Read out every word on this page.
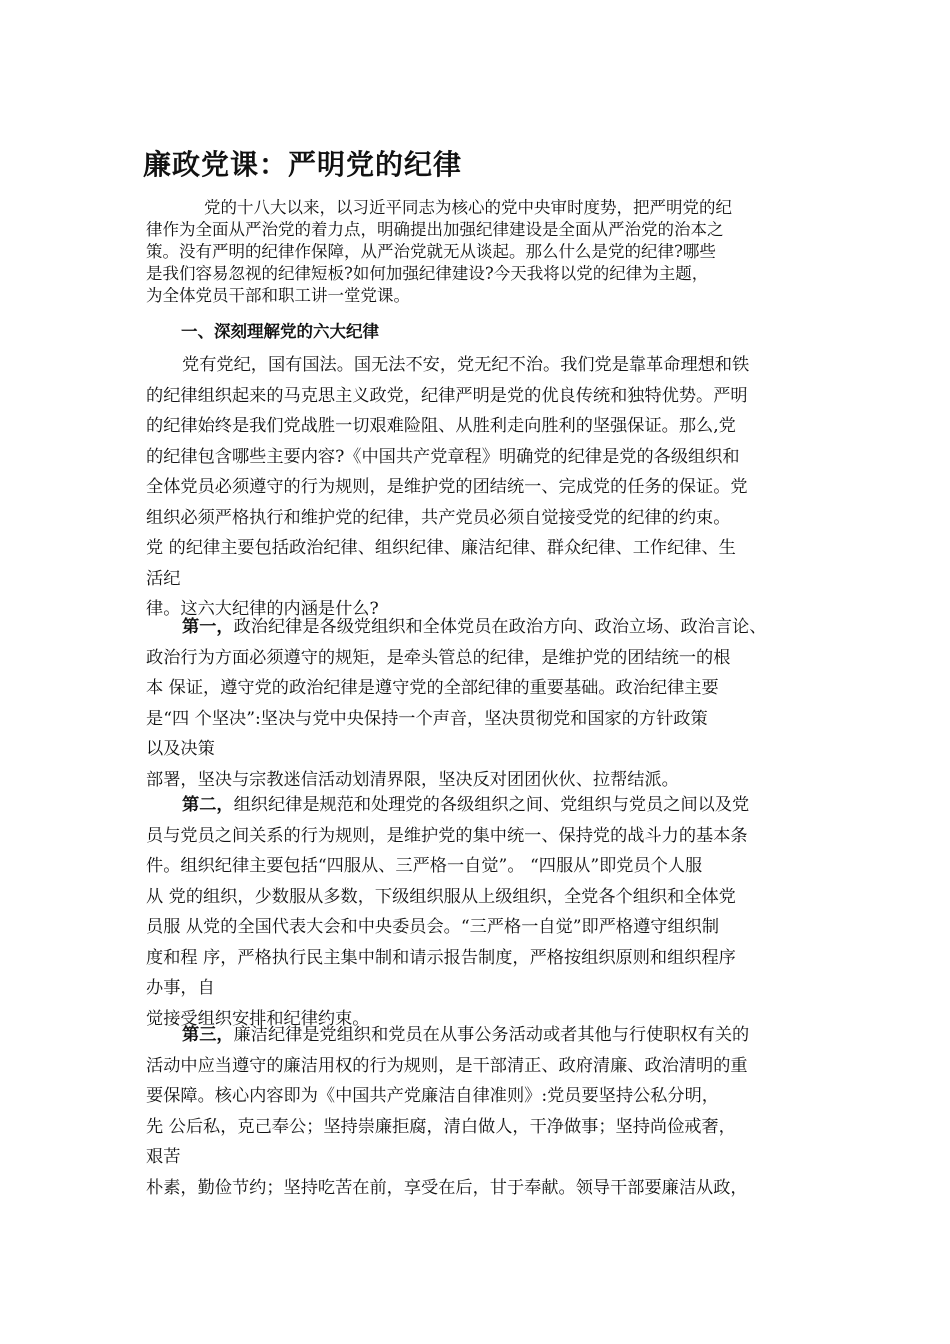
廉政党课：严明党的纪律
党的十八大以来，以习近平同志为核心的党中央审时度势，把严明党的纪
律作为全面从严治党的着力点，明确提出加强纪律建设是全面从严治党的治本之
策。没有严明的纪律作保障，从严治党就无从谈起。那么什么是党的纪律?哪些
是我们容易忽视的纪律短板?如何加强纪律建设?今天我将以党的纪律为主题，
为全体党员干部和职工讲一堂党课。
一、深刻理解党的六大纪律
党有党纪，国有国法。国无法不安，党无纪不治。我们党是靠革命理想和铁
的纪律组织起来的马克思主义政党，纪律严明是党的优良传统和独特优势。严明
的纪律始终是我们党战胜一切艰难险阻、从胜利走向胜利的坚强保证。那么,党
的纪律包含哪些主要内容?《中国共产党章程》明确党的纪律是党的各级组织和
全体党员必须遵守的行为规则，是维护党的团结统一、完成党的任务的保证。党
组织必须严格执行和维护党的纪律，共产党员必须自觉接受党的纪律的约束。
党 的纪律主要包括政治纪律、组织纪律、廉洁纪律、群众纪律、工作纪律、生
活纪
律。这六大纪律的内涵是什么?
第一，政治纪律是各级党组织和全体党员在政治方向、政治立场、政治言论、
政治行为方面必须遵守的规矩，是牵头管总的纪律，是维护党的团结统一的根
本 保证，遵守党的政治纪律是遵守党的全部纪律的重要基础。政治纪律主要
是“四 个坚决”:坚决与党中央保持一个声音，坚决贯彻党和国家的方针政策
以及决策
部署，坚决与宗教迷信活动划清界限，坚决反对团团伙伙、拉帮结派。
第二，组织纪律是规范和处理党的各级组织之间、党组织与党员之间以及党
员与党员之间关系的行为规则，是维护党的集中统一、保持党的战斗力的基本条
件。组织纪律主要包括“四服从、三严格一自觉”。 “四服从”即党员个人服
从 党的组织，少数服从多数，下级组织服从上级组织，全党各个组织和全体党
员服 从党的全国代表大会和中央委员会。“三严格一自觉”即严格遵守组织制
度和程 序，严格执行民主集中制和请示报告制度，严格按组织原则和组织程序
办事，自
觉接受组织安排和纪律约束。
第三，廉洁纪律是党组织和党员在从事公务活动或者其他与行使职权有关的
活动中应当遵守的廉洁用权的行为规则，是干部清正、政府清廉、政治清明的重
要保障。核心内容即为《中国共产党廉洁自律准则》:党员要坚持公私分明，
先 公后私，克己奉公；坚持崇廉拒腐，清白做人，干净做事；坚持尚俭戒奢，
艰苦
朴素，勤俭节约；坚持吃苦在前，享受在后，甘于奉献。领导干部要廉洁从政，
